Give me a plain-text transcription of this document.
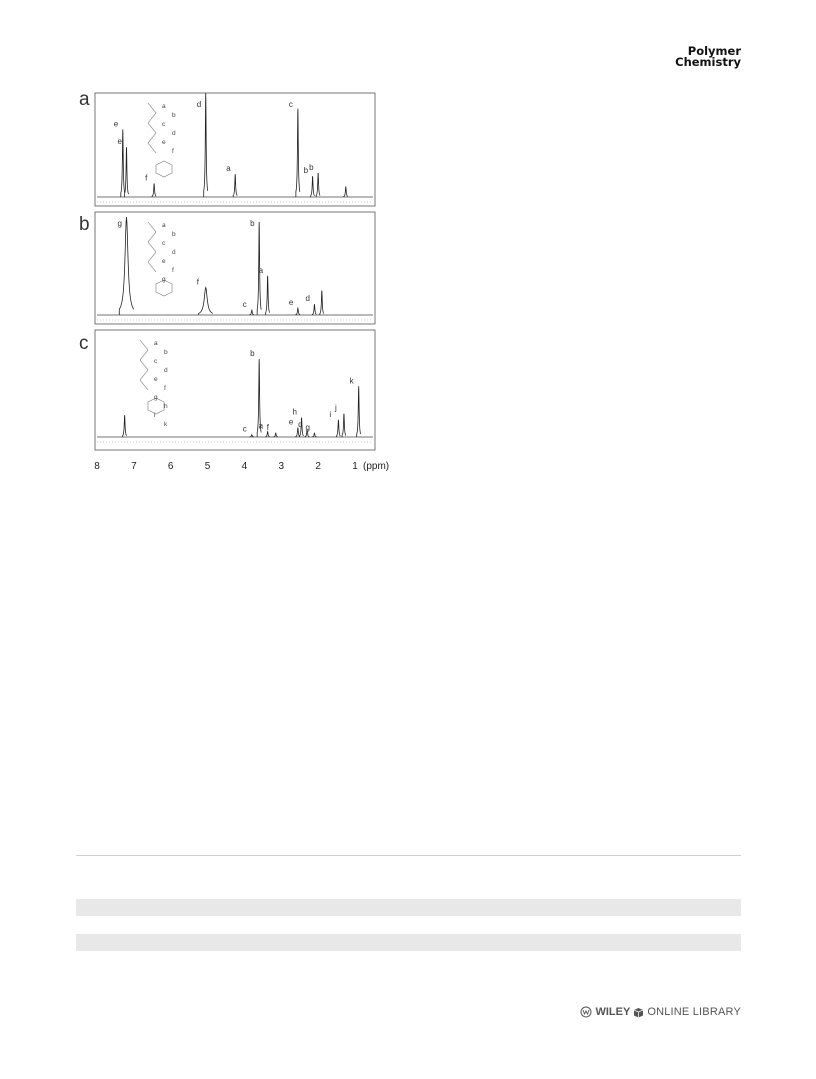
Polymer
Chemistry
a
b
c
e
e
f
d
a
c
b b
a
b
c
d
e
f
g
f
c
b
a
e d
a
b
c
d
e
f
g
c
b
a f
e
h
d g
i
j
k
a
b
c
d
e
f
g
h
i
k
8	7	6	5	4	3	2	1 (ppm)
WILEY ONLINE LIBRARY
